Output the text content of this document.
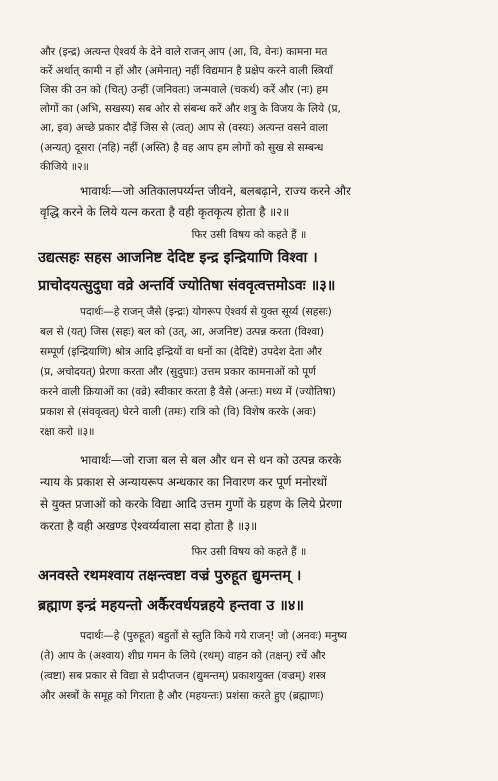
और (इन्द्र) अत्यन्त ऐश्वर्य के देने वाले राजन् आप (आ, वि, वेनः) कामना मत
करें अर्थात् कामी न हों और (अमेनात्) नहीं विद्यमान है प्रक्षेप करने वाली स्त्रियाँ
जिस की उन को (चित्) उन्हीं (जनिवतः) जन्मवाले (चकर्थ) करें और (नः) हम
लोगों का (अभि, सखस्य) सब ओर से संबन्ध करें और शत्रु के विजय के लिये (प्र,
आ, इव) अच्छे प्रकार दौड़ें जिस से (त्वत्) आप से (वस्यः) अत्यन्त वसने वाला
(अन्यत्) दूसरा (नहि) नहीं (अस्ति) है वह आप हम लोगों को सुख से सम्बन्ध
कीजिये ॥२॥
भावार्थः—जो अतिकालपर्य्यन्त जीवने, बलबढ़ाने, राज्य करने और
वृद्धि करने के लिये यत्न करता है वही कृतकृत्य होता है ॥२॥
फिर उसी विषय को कहते हैं ॥
उद्यत्सहः सहस आजनिष्ट देदिष्ट इन्द्र इन्द्रियाणि विश्वा ।
प्राचोदयत्सुदुघा वव्रे अन्तर्वि ज्योतिषा संववृत्वत्तमोऽवः ॥३॥
पदार्थः—हे राजन् जैसे (इन्द्रः) योगरूप ऐश्वर्य से युक्त सूर्य्य (सहसः)
बल से (यत्) जिस (सहः) बल को (उत्, आ, अजनिष्ट) उत्पन्न करता (विश्वा)
सम्पूर्ण (इन्द्रियाणि) श्रोत्र आदि इन्द्रियों वा धनों का (देदिष्टे) उपदेश देता और
(प्र, अचोदयत्) प्रेरणा करता और (सुदुघाः) उत्तम प्रकार कामनाओं को पूर्ण
करने वाली क्रियाओं का (वव्रे) स्वीकार करता है वैसे (अन्तः) मध्य में (ज्योतिषा)
प्रकाश से (संववृत्वत्) घेरने वाली (तमः) रात्रि को (वि) विशेष करके (अवः)
रक्षा करो ॥३॥
भावार्थः—जो राजा बल से बल और धन से धन को उत्पन्न करके
न्याय के प्रकाश से अन्यायरूप अन्धकार का निवारण कर पूर्ण मनोरथों
से युक्त प्रजाओं को करके विद्या आदि उत्तम गुणों के ग्रहण के लिये प्रेरणा
करता है वही अखण्ड ऐश्वर्य्यवाला सदा होता है ॥३॥
फिर उसी विषय को कहते हैं ॥
अनवस्ते रथमश्वाय तक्षन्त्वष्टा वज्रं पुरुहूत द्युमन्तम् ।
ब्रह्माण इन्द्रं महयन्तो अर्कैरवर्धयन्नहये हन्तवा उ ॥४॥
पदार्थः—हे (पुरुहूत) बहुतों से स्तुति किये गये राजन्! जो (अनवः) मनुष्य
(ते) आप के (अश्वाय) शीघ्र गमन के लिये (रथम्) वाहन को (तक्षन्) रचें और
(त्वष्टा) सब प्रकार से विद्या से प्रदीप्तजन (द्युमन्तम्) प्रकाशयुक्त (वज्रम्) शस्त्र
और अस्त्रों के समूह को गिराता है और (महयन्तः) प्रशंसा करते हुए (ब्रह्माणः)
